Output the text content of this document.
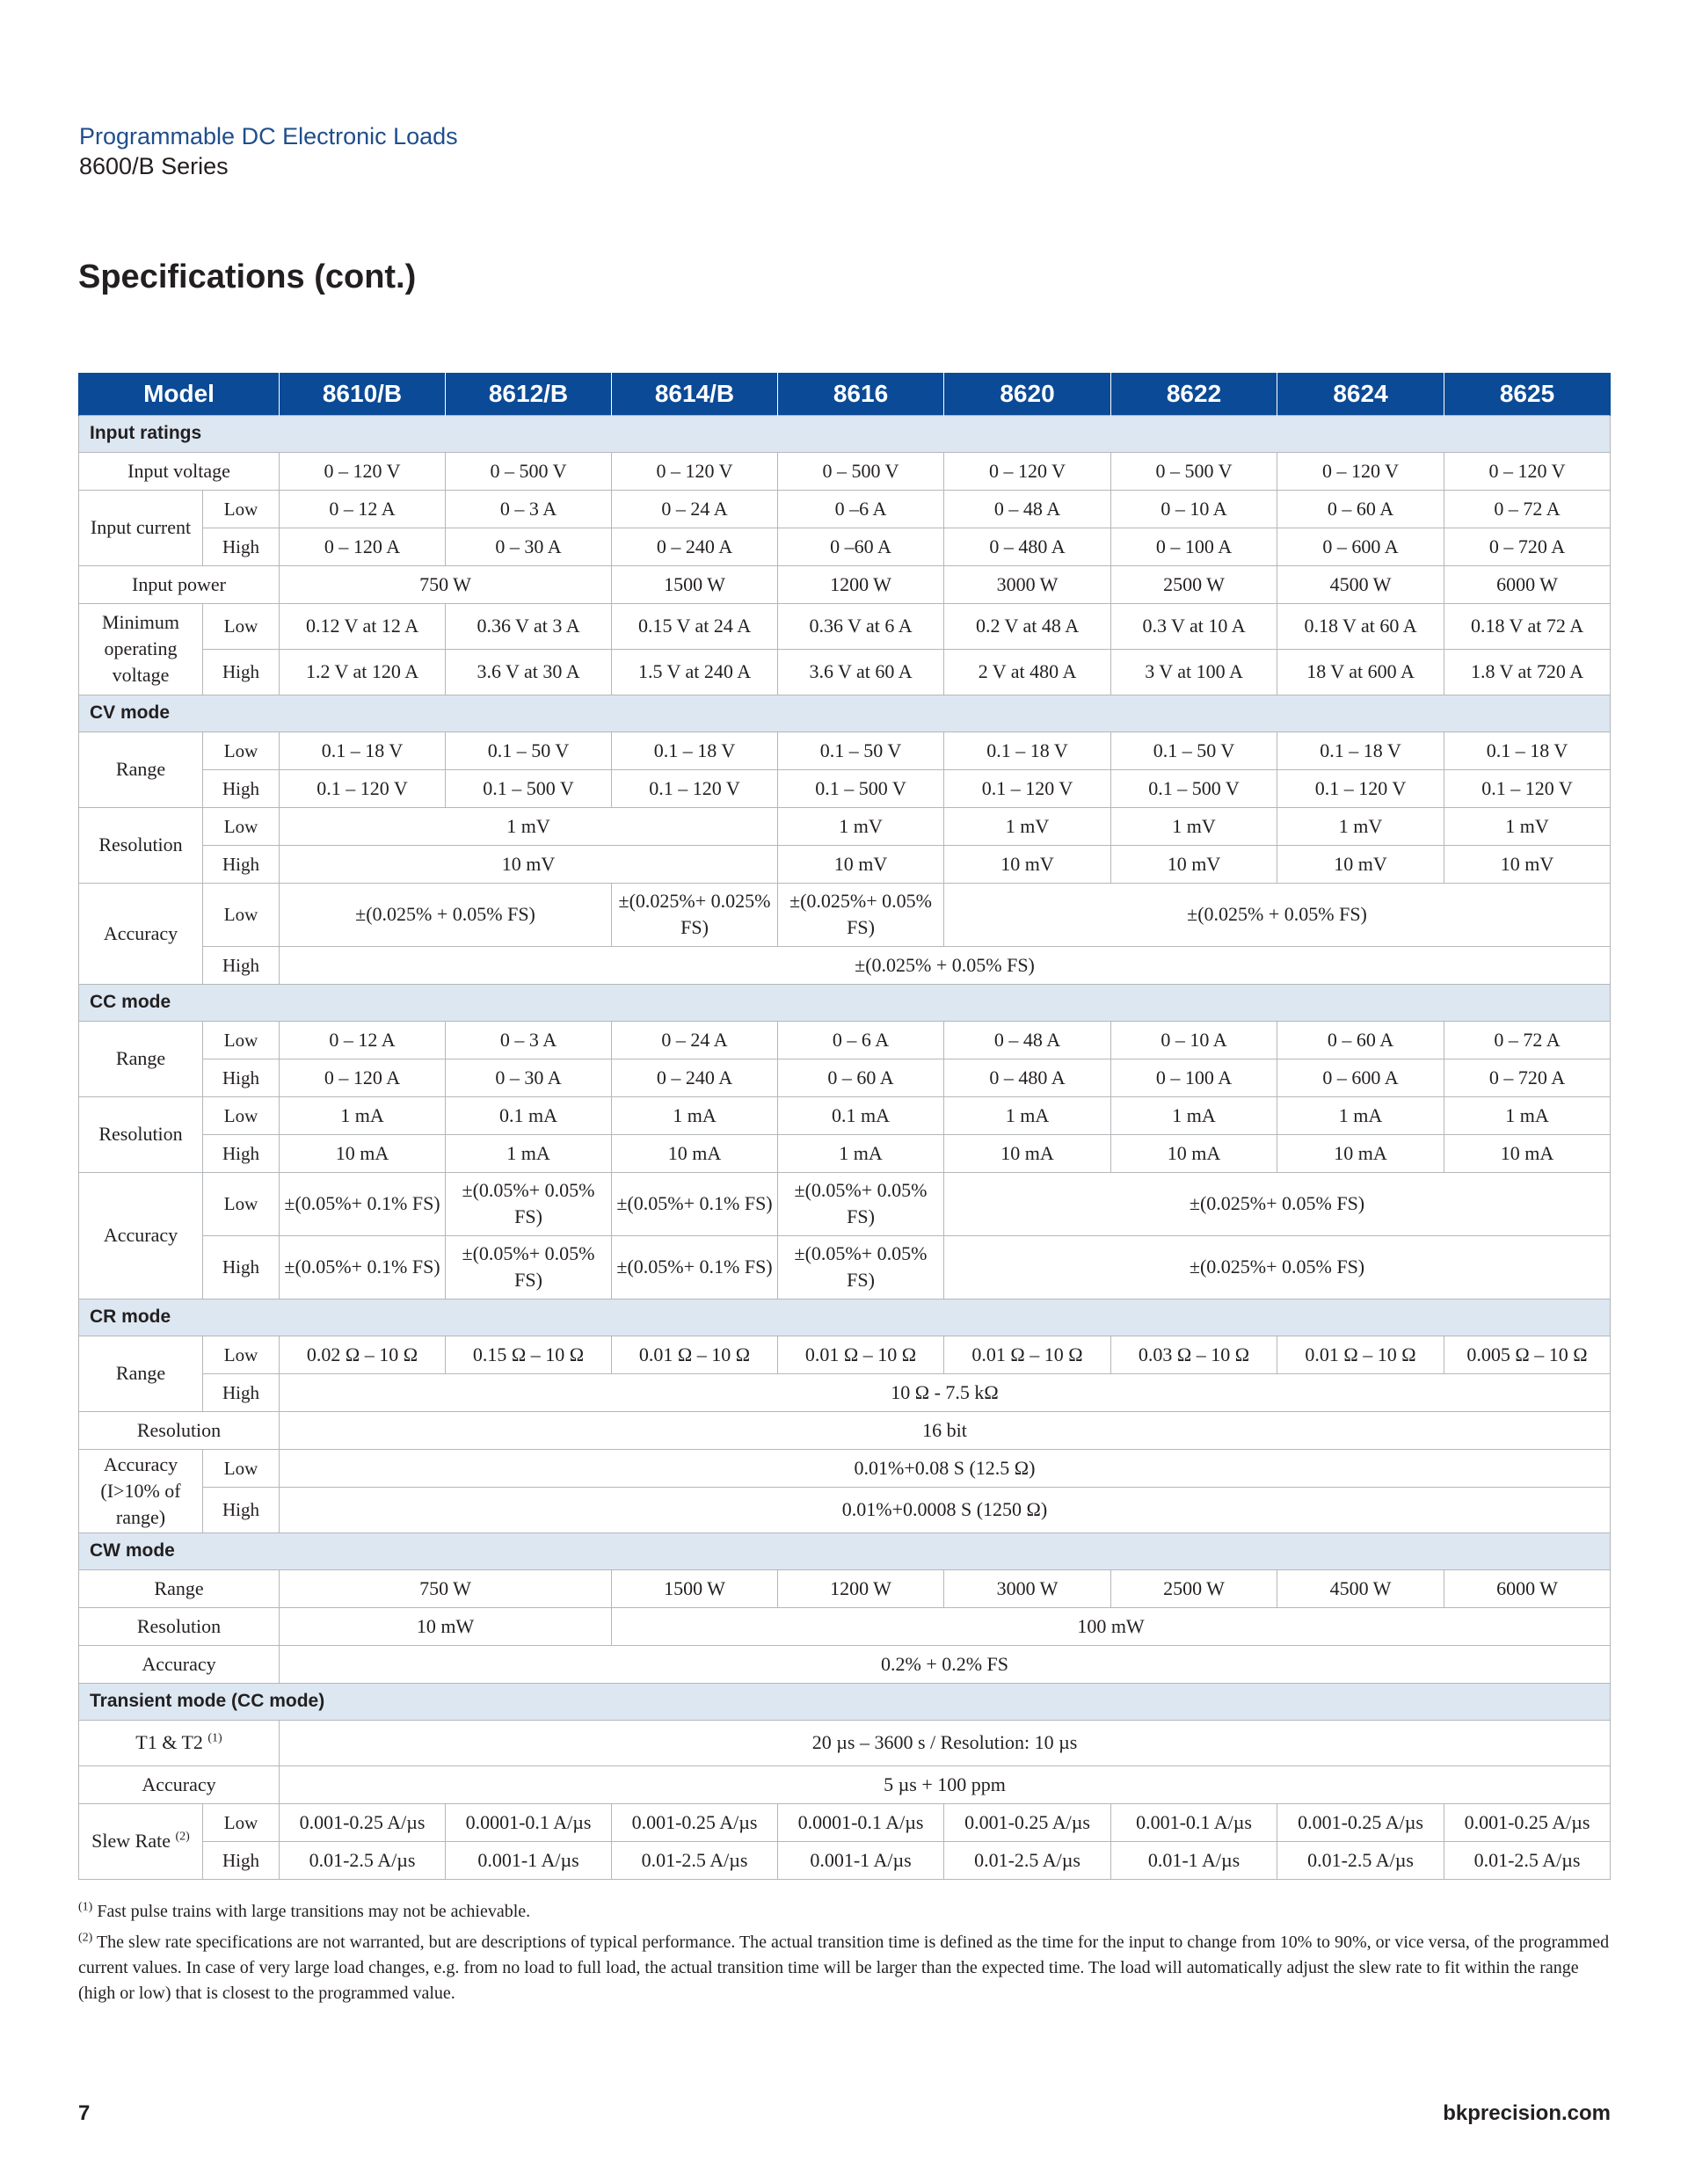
Programmable DC Electronic Loads
8600/B Series
Specifications (cont.)
Model		8610/B	8612/B	8614/B	8616	8620	8622	8624	8625
Input ratings									
Input voltage		0 – 120 V	0 – 500 V	0 – 120 V	0 – 500 V	0 – 120 V	0 – 500 V	0 – 120 V	0 – 120 V
Input current	Low	0 – 12 A	0 – 3 A	0 – 24 A	0 –6 A	0 – 48 A	0 – 10 A	0 – 60 A	0 – 72 A
	High	0 – 120 A	0 – 30 A	0 – 240 A	0 –60 A	0 – 480 A	0 – 100 A	0 – 600 A	0 – 720 A
Input power		750 W		1500 W	1200 W	3000 W	2500 W	4500 W	6000 W
Minimum operating voltage	Low	0.12 V at 12 A	0.36 V at 3 A	0.15 V at 24 A	0.36 V at 6 A	0.2 V at 48 A	0.3 V at 10 A	0.18 V at 60 A	0.18 V at 72 A
	High	1.2 V at 120 A	3.6 V at 30 A	1.5 V at 240 A	3.6 V at 60 A	2 V at 480 A	3 V at 100 A	18 V at 600 A	1.8 V at 720 A
CV mode									
Range	Low	0.1 – 18 V	0.1 – 50 V	0.1 – 18 V	0.1 – 50 V	0.1 – 18 V	0.1 – 50 V	0.1 – 18 V	0.1 – 18 V
	High	0.1 – 120 V	0.1 – 500 V	0.1 – 120 V	0.1 – 500 V	0.1 – 120 V	0.1 – 500 V	0.1 – 120 V	0.1 – 120 V
Resolution	Low	1 mV			1 mV	1 mV	1 mV	1 mV	1 mV
	High	10 mV			10 mV	10 mV	10 mV	10 mV	10 mV
Accuracy	Low	±(0.025% + 0.05% FS)		±(0.025%+ 0.025% FS)	±(0.025%+ 0.05% FS)	±(0.025% + 0.05% FS)			
	High	±(0.025% + 0.05% FS)							
CC mode									
Range	Low	0 – 12 A	0 – 3 A	0 – 24 A	0 – 6 A	0 – 48 A	0 – 10 A	0 – 60 A	0 – 72 A
	High	0 – 120 A	0 – 30 A	0 – 240 A	0 – 60 A	0 – 480 A	0 – 100 A	0 – 600 A	0 – 720 A
Resolution	Low	1 mA	0.1 mA	1 mA	0.1 mA	1 mA	1 mA	1 mA	1 mA
	High	10 mA	1 mA	10 mA	1 mA	10 mA	10 mA	10 mA	10 mA
Accuracy	Low	±(0.05%+ 0.1% FS)	±(0.05%+ 0.05% FS)	±(0.05%+ 0.1% FS)	±(0.05%+ 0.05% FS)	±(0.025%+ 0.05% FS)			
	High	±(0.05%+ 0.1% FS)	±(0.05%+ 0.05% FS)	±(0.05%+ 0.1% FS)	±(0.05%+ 0.05% FS)	±(0.025%+ 0.05% FS)			
CR mode									
Range	Low	0.02 Ω – 10 Ω	0.15 Ω – 10 Ω	0.01 Ω – 10 Ω	0.01 Ω – 10 Ω	0.01 Ω – 10 Ω	0.03 Ω – 10 Ω	0.01 Ω – 10 Ω	0.005 Ω – 10 Ω
	High	10 Ω - 7.5 kΩ							
Resolution		16 bit							
Accuracy (I>10% of range)	Low	0.01%+0.08 S (12.5 Ω)							
	High	0.01%+0.0008 S (1250 Ω)							
CW mode									
Range		750 W		1500 W	1200 W	3000 W	2500 W	4500 W	6000 W
Resolution		10 mW		100 mW					
Accuracy		0.2% + 0.2% FS							
Transient mode (CC mode)									
T1 & T2 $^{(1)}$		20 µs – 3600 s / Resolution: 10 µs							
Accuracy		5 µs + 100 ppm							
Slew Rate $^{(2)}$	Low	0.001-0.25 A/µs	0.0001-0.1 A/µs	0.001-0.25 A/µs	0.0001-0.1 A/µs	0.001-0.25 A/µs	0.001-0.1 A/µs	0.001-0.25 A/µs	0.001-0.25 A/µs
	High	0.01-2.5 A/µs	0.001-1 A/µs	0.01-2.5 A/µs	0.001-1 A/µs	0.01-2.5 A/µs	0.01-1 A/µs	0.01-2.5 A/µs	0.01-2.5 A/µs

$^{(1)}$ Fast pulse trains with large transitions may not be achievable.

$^{(2)}$ The slew rate specifications are not warranted, but are descriptions of typical performance. The actual transition time is defined as the time for the input to change from 10% to 90%, or vice versa, of the programmed current values. In case of very large load changes, e.g. from no load to full load, the actual transition time will be larger than the expected time. The load will automatically adjust the slew rate to fit within the range (high or low) that is closest to the programmed value.

7	bkprecision.com
